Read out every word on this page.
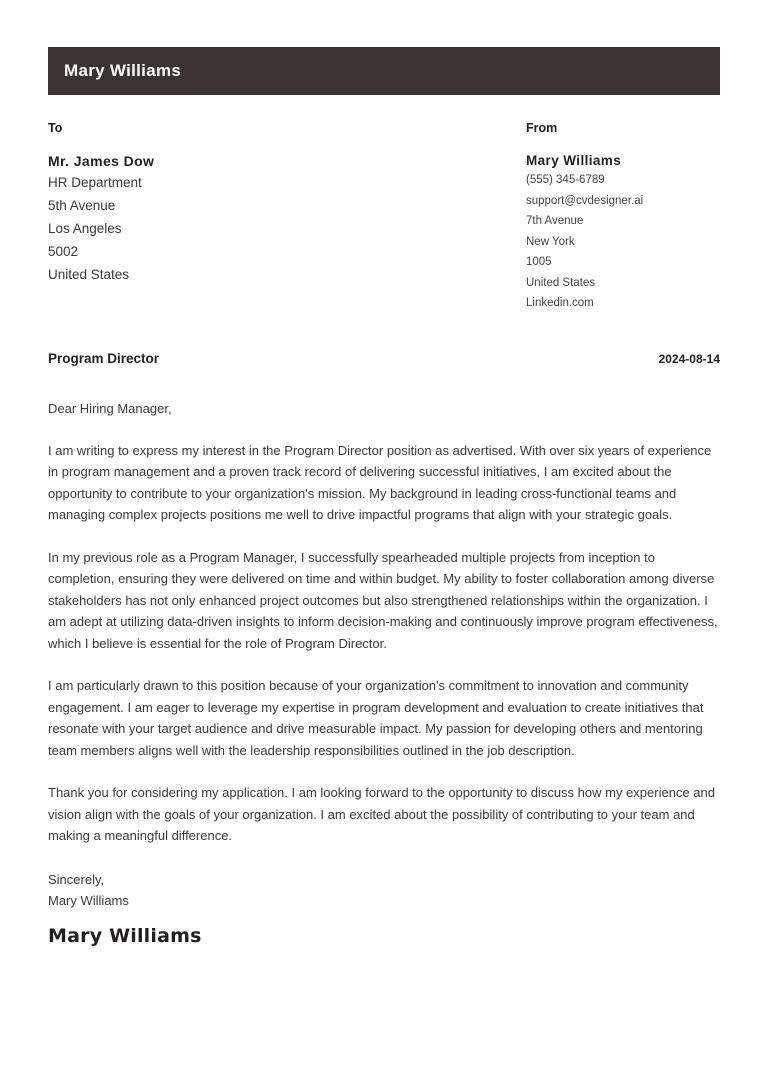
Mary Williams
To
Mr. James Dow
HR Department
5th Avenue
Los Angeles
5002
United States
From
Mary Williams
(555) 345-6789
support@cvdesigner.ai
7th Avenue
New York
1005
United States
Linkedin.com
Program Director	2024-08-14
Dear Hiring Manager,

I am writing to express my interest in the Program Director position as advertised. With over six years of experience in program management and a proven track record of delivering successful initiatives, I am excited about the opportunity to contribute to your organization's mission. My background in leading cross-functional teams and managing complex projects positions me well to drive impactful programs that align with your strategic goals.

In my previous role as a Program Manager, I successfully spearheaded multiple projects from inception to completion, ensuring they were delivered on time and within budget. My ability to foster collaboration among diverse stakeholders has not only enhanced project outcomes but also strengthened relationships within the organization. I am adept at utilizing data-driven insights to inform decision-making and continuously improve program effectiveness, which I believe is essential for the role of Program Director.

I am particularly drawn to this position because of your organization's commitment to innovation and community engagement. I am eager to leverage my expertise in program development and evaluation to create initiatives that resonate with your target audience and drive measurable impact. My passion for developing others and mentoring team members aligns well with the leadership responsibilities outlined in the job description.

Thank you for considering my application. I am looking forward to the opportunity to discuss how my experience and vision align with the goals of your organization. I am excited about the possibility of contributing to your team and making a meaningful difference.

Sincerely,
Mary Williams
Mary Williams
